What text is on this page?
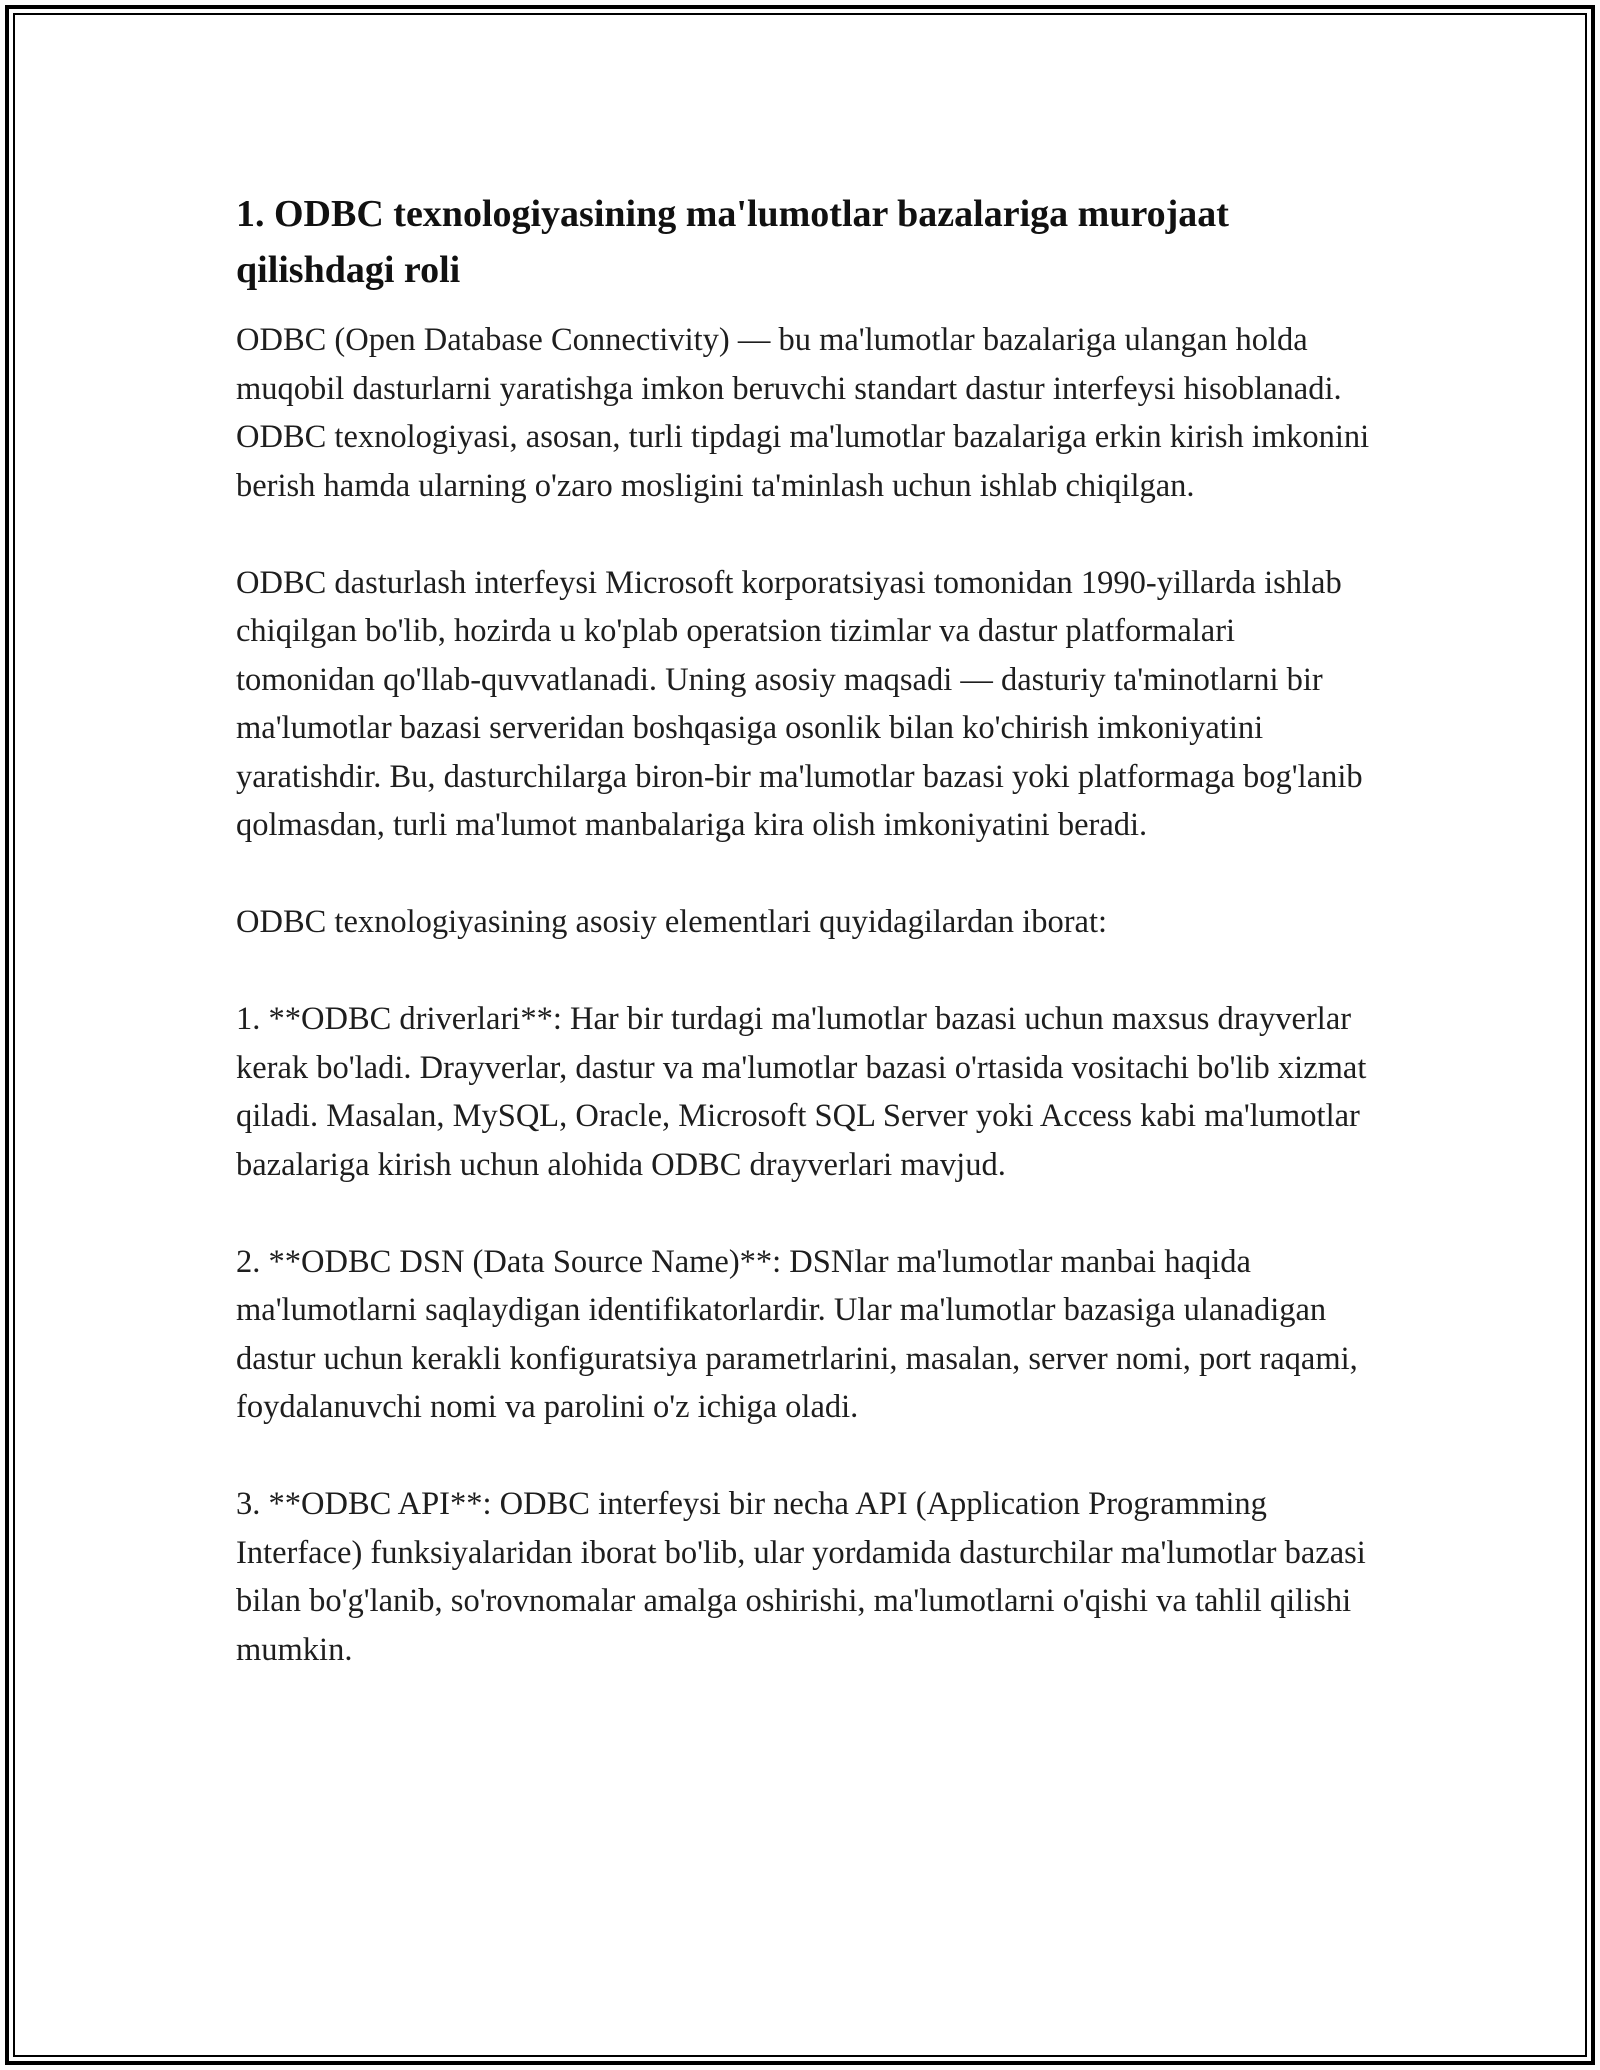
1. ODBC texnologiyasining ma'lumotlar bazalariga murojaat qilishdagi roli

ODBC (Open Database Connectivity) — bu ma'lumotlar bazalariga ulangan holda muqobil dasturlarni yaratishga imkon beruvchi standart dastur interfeysi hisoblanadi. ODBC texnologiyasi, asosan, turli tipdagi ma'lumotlar bazalariga erkin kirish imkonini berish hamda ularning o'zaro mosligini ta'minlash uchun ishlab chiqilgan.

ODBC dasturlash interfeysi Microsoft korporatsiyasi tomonidan 1990-yillarda ishlab chiqilgan bo'lib, hozirda u ko'plab operatsion tizimlar va dastur platformalari tomonidan qo'llab-quvvatlanadi. Uning asosiy maqsadi — dasturiy ta'minotlarni bir ma'lumotlar bazasi serveridan boshqasiga osonlik bilan ko'chirish imkoniyatini yaratishdir. Bu, dasturchilarga biron-bir ma'lumotlar bazasi yoki platformaga bog'lanib qolmasdan, turli ma'lumot manbalariga kira olish imkoniyatini beradi.

ODBC texnologiyasining asosiy elementlari quyidagilardan iborat:

1. **ODBC driverlari**: Har bir turdagi ma'lumotlar bazasi uchun maxsus drayverlar kerak bo'ladi. Drayverlar, dastur va ma'lumotlar bazasi o'rtasida vositachi bo'lib xizmat qiladi. Masalan, MySQL, Oracle, Microsoft SQL Server yoki Access kabi ma'lumotlar bazalariga kirish uchun alohida ODBC drayverlari mavjud.

2. **ODBC DSN (Data Source Name)**: DSNlar ma'lumotlar manbai haqida ma'lumotlarni saqlaydigan identifikatorlardir. Ular ma'lumotlar bazasiga ulanadigan dastur uchun kerakli konfiguratsiya parametrlarini, masalan, server nomi, port raqami, foydalanuvchi nomi va parolini o'z ichiga oladi.

3. **ODBC API**: ODBC interfeysi bir necha API (Application Programming Interface) funksiyalaridan iborat bo'lib, ular yordamida dasturchilar ma'lumotlar bazasi bilan bo'g'lanib, so'rovnomalar amalga oshirishi, ma'lumotlarni o'qishi va tahlil qilishi mumkin.
